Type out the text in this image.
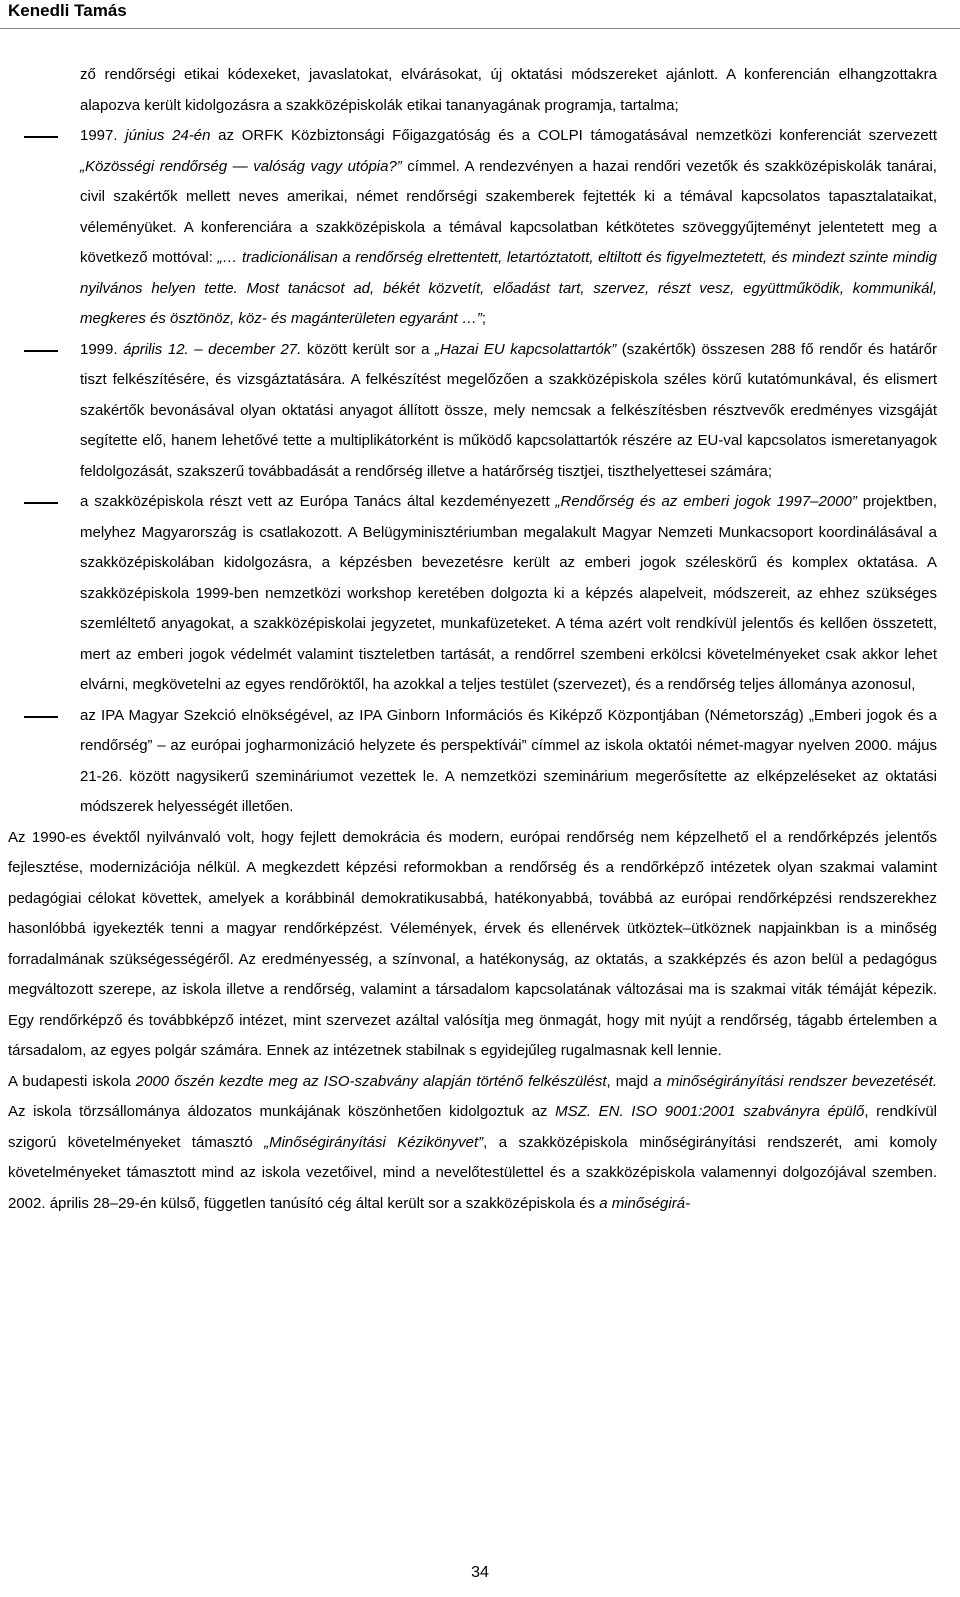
Kenedli Tamás
ző rendőrségi etikai kódexeket, javaslatokat, elvárásokat, új oktatási módszereket ajánlott. A konferencián elhangzottakra alapozva került kidolgozásra a szakközépiskolák etikai tananyagának programja, tartalma;
1997. június 24-én az ORFK Közbiztonsági Főigazgatóság és a COLPI támogatásával nemzetközi konferenciát szervezett „Közösségi rendőrség — valóság vagy utópia?” címmel. A rendezvényen a hazai rendőri vezetők és szakközépiskolák tanárai, civil szakértők mellett neves amerikai, német rendőrségi szakemberek fejtették ki a témával kapcsolatos tapasztalataikat, véleményüket. A konferenciára a szakközépiskola a témával kapcsolatban kétkötetes szöveggyűjteményt jelentetett meg a következő mottóval: „… tradicionálisan a rendőrség elrettentett, letartóztatott, eltiltott és figyelmeztetett, és mindezt szinte mindig nyilvános helyen tette. Most tanácsot ad, békét közvetít, előadást tart, szervez, részt vesz, együttműködik, kommunikál, megkeres és ösztönöz, köz- és magánterületen egyaránt …”;
1999. április 12. – december 27. között került sor a „Hazai EU kapcsolattartók” (szakértők) összesen 288 fő rendőr és határőr tiszt felkészítésére, és vizsgáztatására. A felkészítést megelőzően a szakközépiskola széles körű kutatómunkával, és elismert szakértők bevonásával olyan oktatási anyagot állított össze, mely nemcsak a felkészítésben résztvevők eredményes vizsgáját segítette elő, hanem lehetővé tette a multiplikátorként is működő kapcsolattartók részére az EU-val kapcsolatos ismeretanyagok feldolgozását, szakszerű továbbadását a rendőrség illetve a határőrség tisztjei, tiszthelyettesei számára;
a szakközépiskola részt vett az Európa Tanács által kezdeményezett „Rendőrség és az emberi jogok 1997–2000” projektben, melyhez Magyarország is csatlakozott. A Belügyminisztériumban megalakult Magyar Nemzeti Munkacsoport koordinálásával a szakközépiskolában kidolgozásra, a képzésben bevezetésre került az emberi jogok széleskörű és komplex oktatása. A szakközépiskola 1999-ben nemzetközi workshop keretében dolgozta ki a képzés alapelveit, módszereit, az ehhez szükséges szemléltető anyagokat, a szakközépiskolai jegyzetet, munkafüzeteket. A téma azért volt rendkívül jelentős és kellően összetett, mert az emberi jogok védelmét valamint tiszteletben tartását, a rendőrrel szembeni erkölcsi követelményeket csak akkor lehet elvárni, megkövetelni az egyes rendőröktől, ha azokkal a teljes testület (szervezet), és a rendőrség teljes állománya azonosul,
az IPA Magyar Szekció elnökségével, az IPA Ginborn Információs és Kiképző Központjában (Németország) „Emberi jogok és a rendőrség” – az európai jogharmonizáció helyzete és perspektívái” címmel az iskola oktatói német-magyar nyelven 2000. május 21-26. között nagysikerű szemináriumot vezettek le. A nemzetközi szeminárium megerősítette az elképzeléseket az oktatási módszerek helyességét illetően.
Az 1990-es évektől nyilvánvaló volt, hogy fejlett demokrácia és modern, európai rendőrség nem képzelhető el a rendőrképzés jelentős fejlesztése, modernizációja nélkül. A megkezdett képzési reformokban a rendőrség és a rendőrképző intézetek olyan szakmai valamint pedagógiai célokat követtek, amelyek a korábbinál demokratikusabbá, hatékonyabbá, továbbá az európai rendőrképzési rendszerekhez hasonlóbbá igyekezték tenni a magyar rendőrképzést. Vélemények, érvek és ellenérvek ütköztek–ütköznek napjainkban is a minőség forradalmának szükségességéről. Az eredményesség, a színvonal, a hatékonyság, az oktatás, a szakképzés és azon belül a pedagógus megváltozott szerepe, az iskola illetve a rendőrség, valamint a társadalom kapcsolatának változásai ma is szakmai viták témáját képezik. Egy rendőrképző és továbbképző intézet, mint szervezet azáltal valósítja meg önmagát, hogy mit nyújt a rendőrség, tágabb értelemben a társadalom, az egyes polgár számára. Ennek az intézetnek stabilnak s egyidejűleg rugalmasnak kell lennie.
A budapesti iskola 2000 őszén kezdte meg az ISO-szabvány alapján történő felkészülést, majd a minőségirányítási rendszer bevezetését. Az iskola törzsállománya áldozatos munkájának köszönhetően kidolgoztuk az MSZ. EN. ISO 9001:2001 szabványra épülő, rendkívül szigorú követelményeket támasztó „Minőségirányítási Kézikönyvet”, a szakközépiskola minőségirányítási rendszerét, ami komoly követelményeket támasztott mind az iskola vezetőivel, mind a nevelőtestülettel és a szakközépiskola valamennyi dolgozójával szemben. 2002. április 28–29-én külső, független tanúsító cég által került sor a szakközépiskola és a minőségirá-
34
